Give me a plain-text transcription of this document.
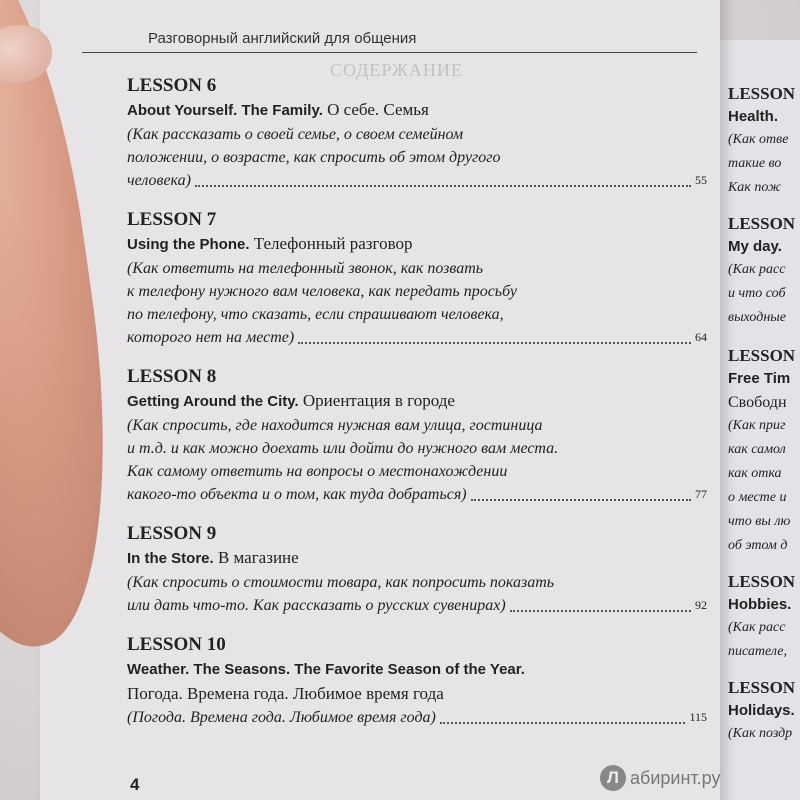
СОДЕРЖАНИЕ
Разговорный английский для общения
LESSON 6
About Yourself. The Family. О себе. Семья
(Как рассказать о своей семье, о своем семейном
положении, о возрасте, как спросить об этом другого
человека)	55
LESSON 7
Using the Phone. Телефонный разговор
(Как ответить на телефонный звонок, как позвать
к телефону нужного вам человека, как передать просьбу
по телефону, что сказать, если спрашивают человека,
которого нет на месте)	64
LESSON 8
Getting Around the City. Ориентация в городе
(Как спросить, где находится нужная вам улица, гостиница
и т.д. и как можно доехать или дойти до нужного вам места.
Как самому ответить на вопросы о местонахождении
какого-то объекта и о том, как туда добраться)	77
LESSON 9
In the Store. В магазине
(Как спросить о стоимости товара, как попросить показать
или дать что-то. Как рассказать о русских сувенирах)	92
LESSON 10
Weather. The Seasons. The Favorite Season of the Year.
Погода. Времена года. Любимое время года
(Погода. Времена года. Любимое время года)	115
LESSON
Health.
(Как отве
такие во
Как пож
LESSON
My day.
(Как расс
и что соб
выходные
LESSON
Free Tim
Свободн
(Как приг
как самол
как отка
о месте и
что вы лю
об этом д
LESSON
Hobbies.
(Как расс
писателе,
LESSON
Holidays.
(Как поздр
4	Л абиринт.ру
